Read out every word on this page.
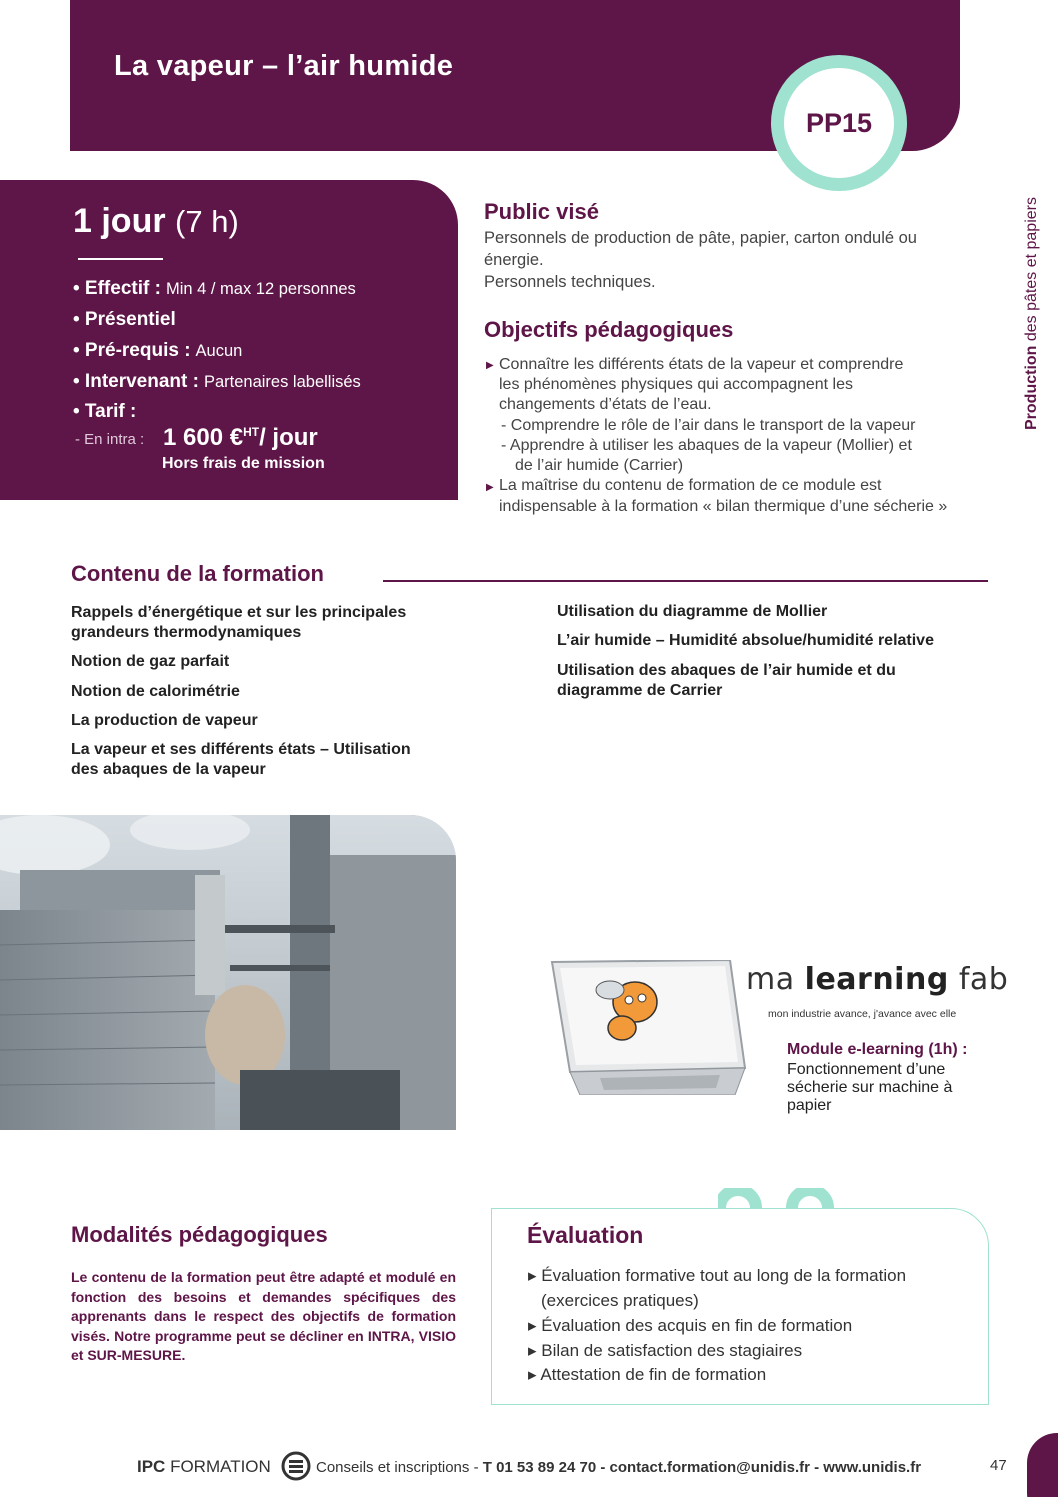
La vapeur – l’air humide
PP15
Production des pâtes et papiers
1 jour (7 h)
• Effectif : Min 4 / max 12 personnes
• Présentiel
• Pré-requis : Aucun
• Intervenant : Partenaires labellisés
• Tarif :
- En intra : 1 600 €$^{HT}$/ jour
Hors frais de mission
Public visé
Personnels de production de pâte, papier, carton ondulé ou
énergie.
Personnels techniques.
Objectifs pédagogiques
▶ Connaître les différents états de la vapeur et comprendre
les phénomènes physiques qui accompagnent les
changements d’états de l’eau.
- Comprendre le rôle de l’air dans le transport de la vapeur
- Apprendre à utiliser les abaques de la vapeur (Mollier) et
de l’air humide (Carrier)
▶ La maîtrise du contenu de formation de ce module est
indispensable à la formation « bilan thermique d’une sécherie »
Contenu de la formation
Rappels d’énergétique et sur les principales
grandeurs thermodynamiques
Notion de gaz parfait
Notion de calorimétrie
La production de vapeur
La vapeur et ses différents états – Utilisation
des abaques de la vapeur
Utilisation du diagramme de Mollier
L’air humide – Humidité absolue/humidité relative
Utilisation des abaques de l’air humide et du
diagramme de Carrier
ma learning fab
mon industrie avance, j'avance avec elle
Module e-learning (1h) :
Fonctionnement d’une sécherie sur machine à papier
Modalités pédagogiques
Le contenu de la formation peut être adapté et modulé en fonction des besoins et demandes spécifiques des apprenants dans le respect des objectifs de formation visés. Notre programme peut se décliner en INTRA, VISIO et SUR-MESURE.
Évaluation
▸ Évaluation formative tout au long de la formation
(exercices pratiques)
▸ Évaluation des acquis en fin de formation
▸ Bilan de satisfaction des stagiaires
▸ Attestation de fin de formation
IPC FORMATION	Conseils et inscriptions - T 01 53 89 24 70 - contact.formation@unidis.fr - www.unidis.fr	47
